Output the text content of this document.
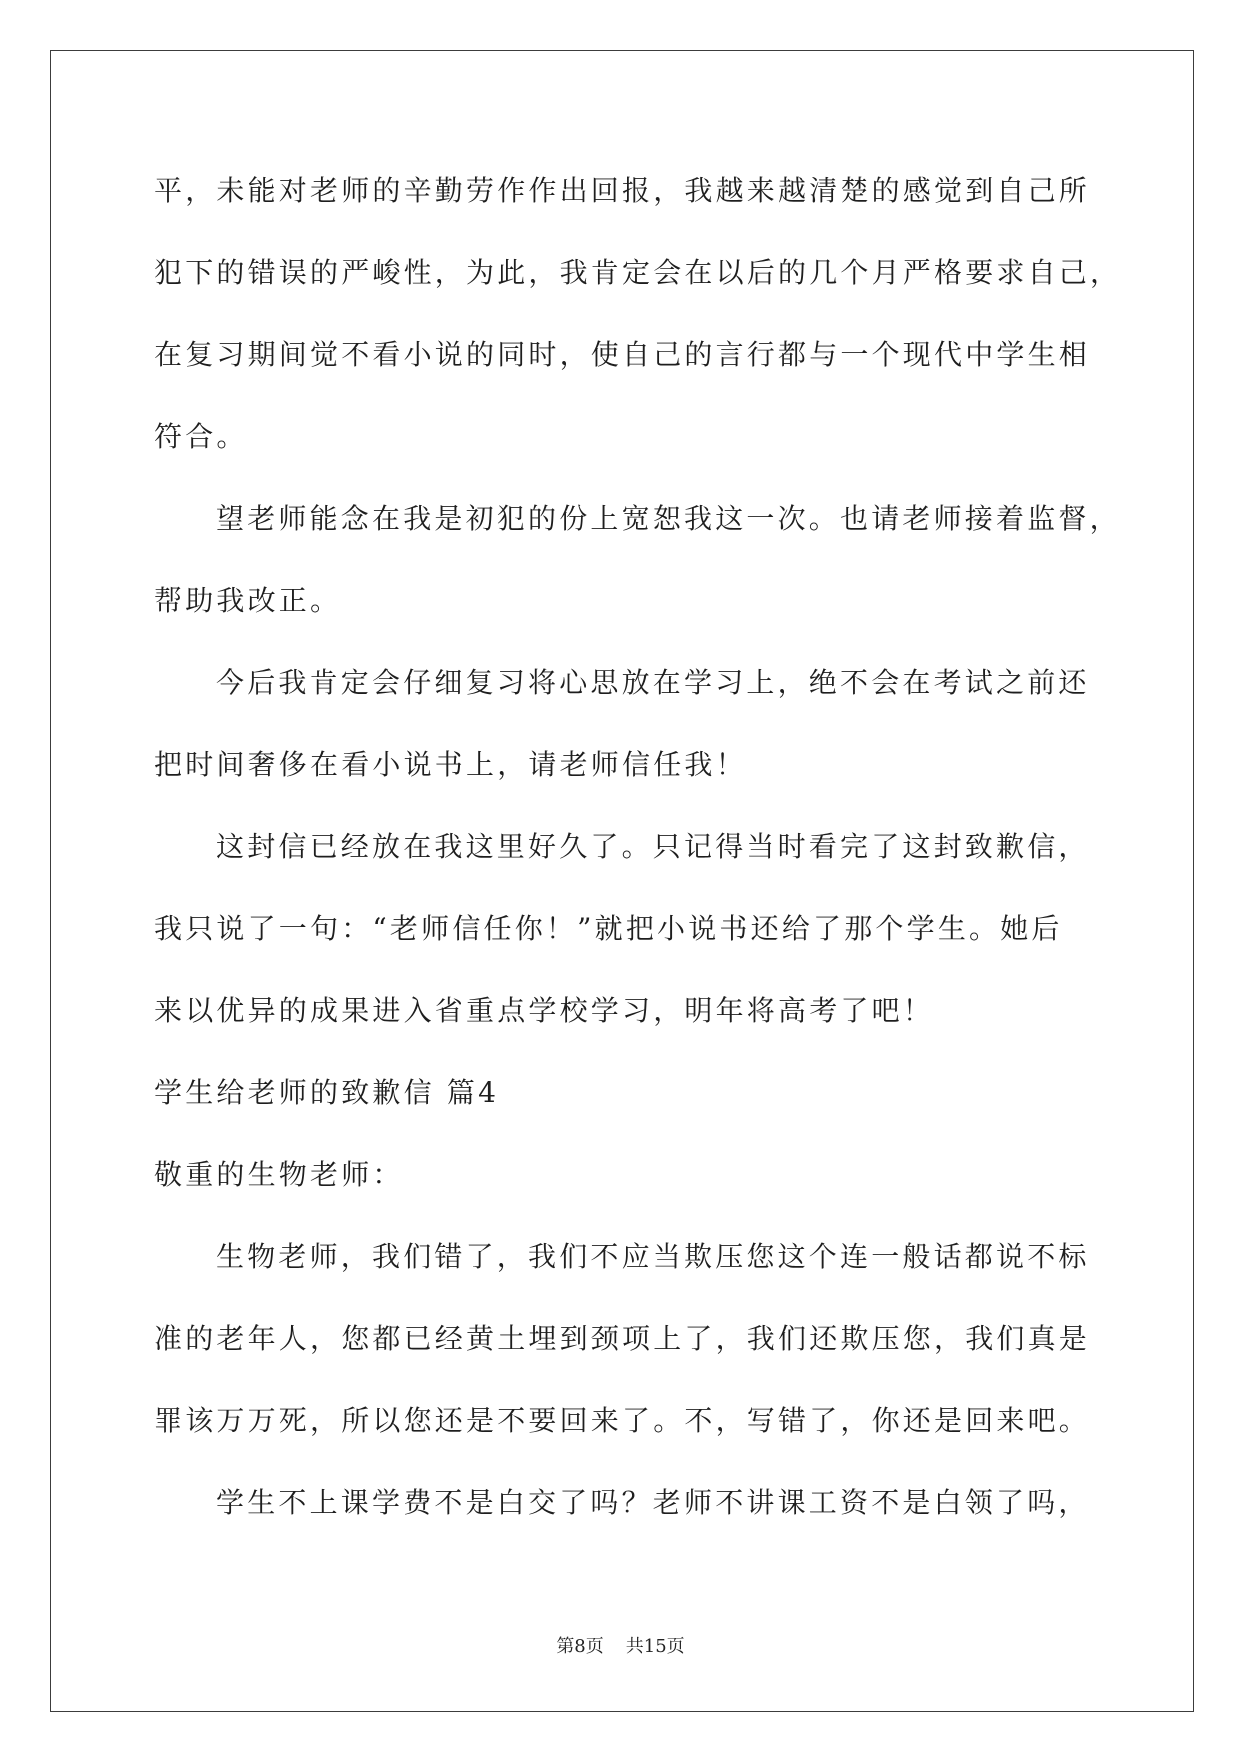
平，未能对老师的辛勤劳作作出回报，我越来越清楚的感觉到自己所
犯下的错误的严峻性，为此，我肯定会在以后的几个月严格要求自己，
在复习期间觉不看小说的同时，使自己的言行都与一个现代中学生相
符合。
望老师能念在我是初犯的份上宽恕我这一次。也请老师接着监督，
帮助我改正。
今后我肯定会仔细复习将心思放在学习上，绝不会在考试之前还
把时间奢侈在看小说书上，请老师信任我！
这封信已经放在我这里好久了。只记得当时看完了这封致歉信，
我只说了一句：“老师信任你！”就把小说书还给了那个学生。她后
来以优异的成果进入省重点学校学习，明年将高考了吧！
学生给老师的致歉信 篇4
敬重的生物老师：
生物老师，我们错了，我们不应当欺压您这个连一般话都说不标
准的老年人，您都已经黄土埋到颈项上了，我们还欺压您，我们真是
罪该万万死，所以您还是不要回来了。不，写错了，你还是回来吧。
学生不上课学费不是白交了吗？老师不讲课工资不是白领了吗，
第8页 共15页
